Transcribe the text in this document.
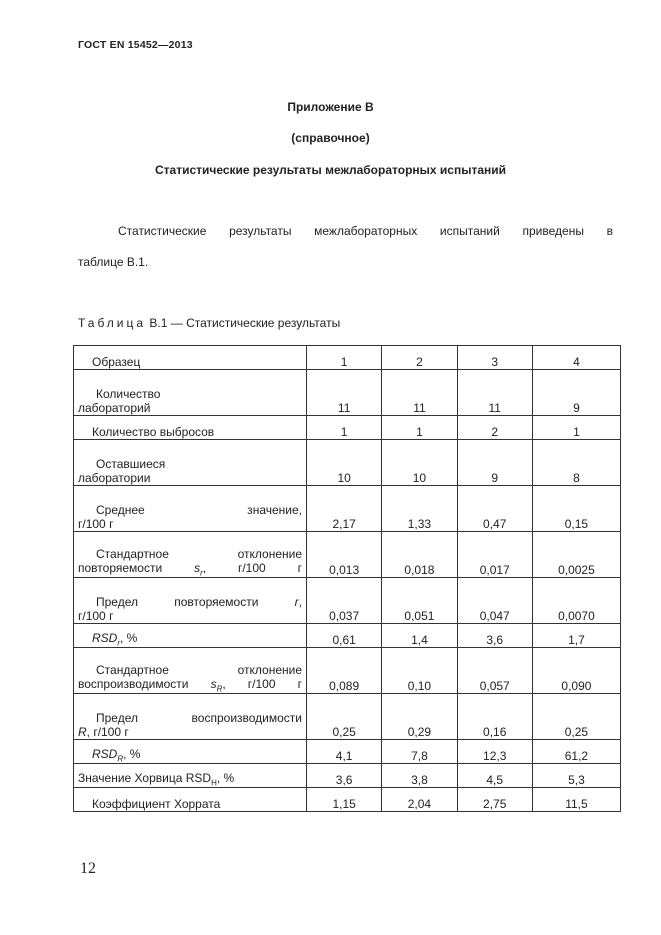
ГОСТ EN 15452—2013
Приложение В
(справочное)
Статистические результаты межлабораторных испытаний
Статистические результаты межлабораторных испытаний приведены в
таблице В.1.
Таблица В.1 — Статистические результаты
Образец	1	2	3	4

Количество
лабораторий	11	11	11	9
Количество выбросов	1	1	2	1

Оставшиеся
лаборатории	10	10	9	8

Среднее значение,
г/100 г	2,17	1,33	0,47	0,15

Стандартное отклонение
повторяемости $s_r$, г/100 г	0,013	0,018	0,017	0,0025

Предел повторяемости r,
г/100 г	0,037	0,051	0,047	0,0070
$RSD_r$, %	0,61	1,4	3,6	1,7

Стандартное отклонение
воспроизводимости $s_R$, г/100 г	0,089	0,10	0,057	0,090

Предел воспроизводимости
R, г/100 г	0,25	0,29	0,16	0,25
$RSD_R$, %	4,1	7,8	12,3	61,2
Значение Хорвица $RSD_H$, %	3,6	3,8	4,5	5,3
Коэффициент Хоррата	1,15	2,04	2,75	11,5
12
